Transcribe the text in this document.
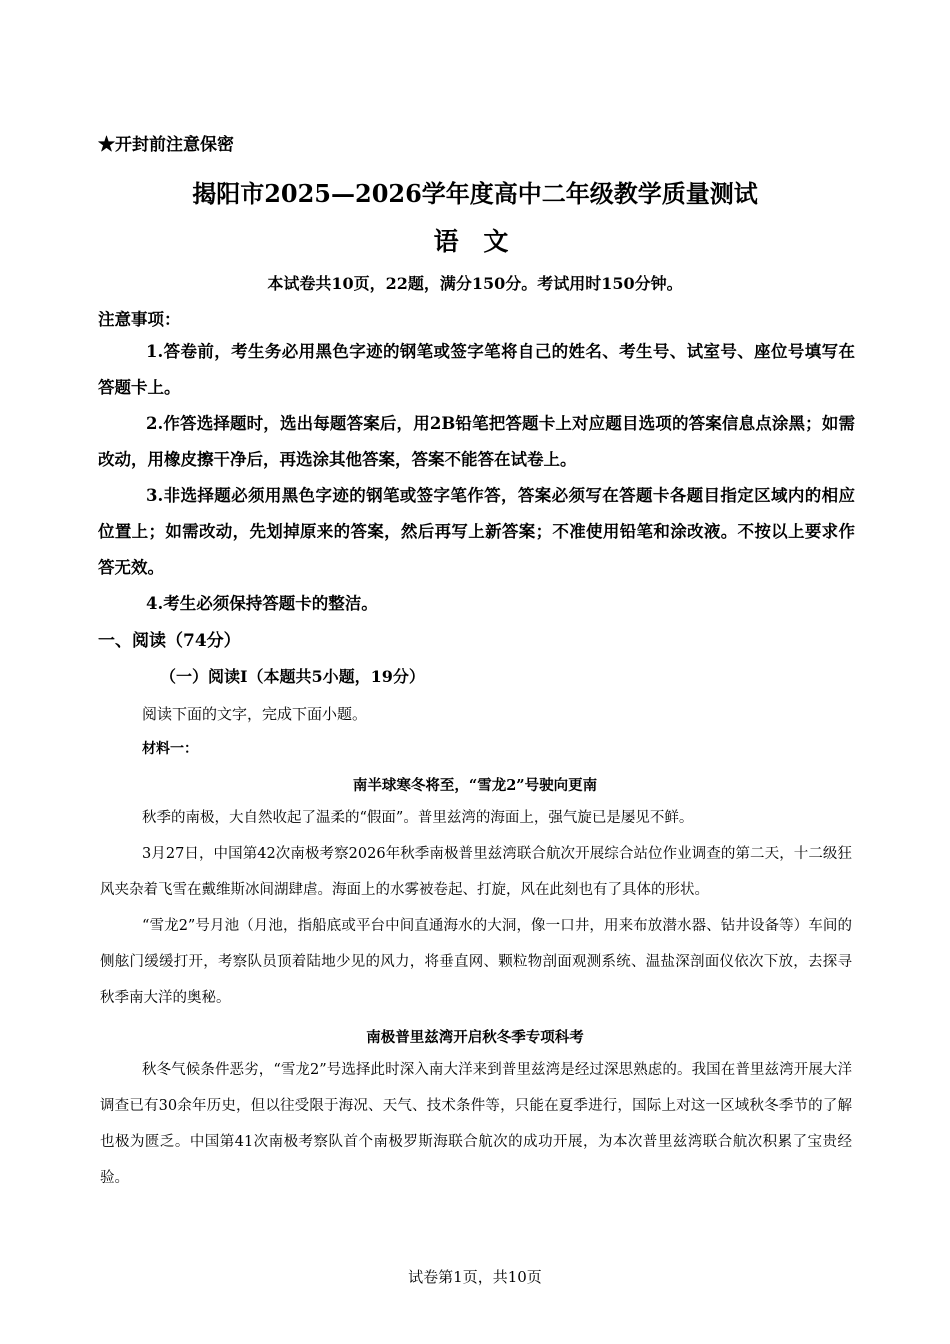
★开封前注意保密
揭阳市2025—2026学年度高中二年级教学质量测试
语 文
本试卷共10页，22题，满分150分。考试用时150分钟。
注意事项：
1.答卷前，考生务必用黑色字迹的钢笔或签字笔将自己的姓名、考生号、试室号、座位号填写在答题卡上。
2.作答选择题时，选出每题答案后，用2B铅笔把答题卡上对应题目选项的答案信息点涂黑；如需改动，用橡皮擦干净后，再选涂其他答案，答案不能答在试卷上。
3.非选择题必须用黑色字迹的钢笔或签字笔作答，答案必须写在答题卡各题目指定区域内的相应位置上；如需改动，先划掉原来的答案，然后再写上新答案；不准使用铅笔和涂改液。不按以上要求作答无效。
4.考生必须保持答题卡的整洁。
一、阅读（74分）
（一）阅读I（本题共5小题，19分）
阅读下面的文字，完成下面小题。
材料一：
南半球寒冬将至，“雪龙2”号驶向更南
秋季的南极，大自然收起了温柔的“假面”。普里兹湾的海面上，强气旋已是屡见不鲜。
3月27日，中国第42次南极考察2026年秋季南极普里兹湾联合航次开展综合站位作业调查的第二天，十二级狂风夹杂着飞雪在戴维斯冰间湖肆虐。海面上的水雾被卷起、打旋，风在此刻也有了具体的形状。
“雪龙2”号月池（月池，指船底或平台中间直通海水的大洞，像一口井，用来布放潜水器、钻井设备等）车间的侧舷门缓缓打开，考察队员顶着陆地少见的风力，将垂直网、颗粒物剖面观测系统、温盐深剖面仪依次下放，去探寻秋季南大洋的奥秘。
南极普里兹湾开启秋冬季专项科考
秋冬气候条件恶劣，“雪龙2”号选择此时深入南大洋来到普里兹湾是经过深思熟虑的。我国在普里兹湾开展大洋调查已有30余年历史，但以往受限于海况、天气、技术条件等，只能在夏季进行，国际上对这一区域秋冬季节的了解也极为匮乏。中国第41次南极考察队首个南极罗斯海联合航次的成功开展，为本次普里兹湾联合航次积累了宝贵经验。
试卷第1页，共10页
